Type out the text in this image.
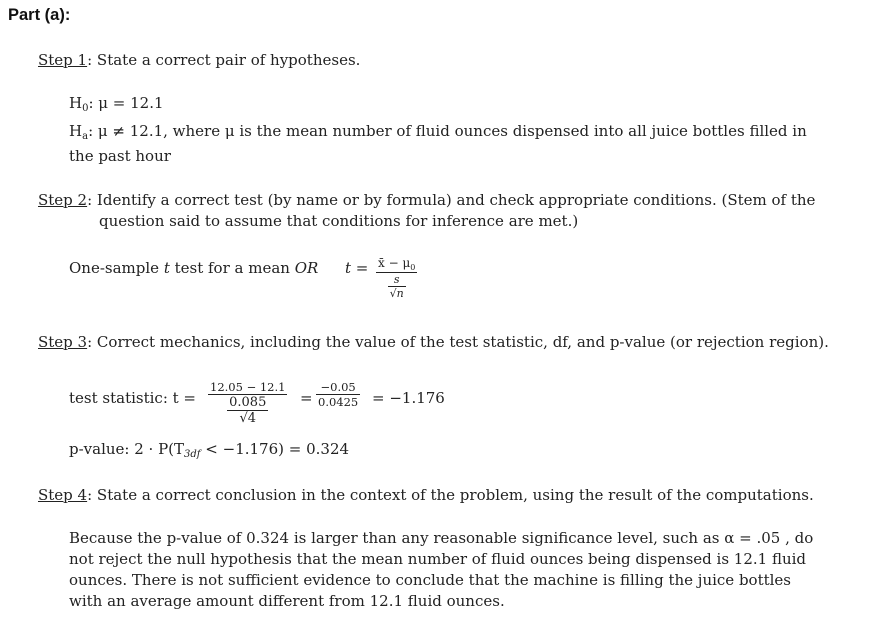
Part (a):
Step 1: State a correct pair of hypotheses.
$H_0$: μ = 12.1
$H_a$: μ ≠ 12.1, where μ is the mean number of fluid ounces dispensed into all juice bottles filled in
the past hour
Step 2: Identify a correct test (by name or by formula) and check appropriate conditions. (Stem of the
question said to assume that conditions for inference are met.)
One-sample t test for a mean OR $t = \frac{x̄ - \mu_0}{\frac{s}{√n}}$
Step 3: Correct mechanics, including the value of the test statistic, df, and p-value (or rejection region).
test statistic: $t = \frac{12.05 - 12.1}{\frac{0.085}{√4}} = \frac{-0.05}{0.0425} = -1.176$
p-value: $2 \cdot P(T_{3df} < -1.176) = 0.324$
Step 4: State a correct conclusion in the context of the problem, using the result of the computations.
Because the p-value of 0.324 is larger than any reasonable significance level, such as α = .05 , do
not reject the null hypothesis that the mean number of fluid ounces being dispensed is 12.1 fluid
ounces. There is not sufficient evidence to conclude that the machine is filling the juice bottles
with an average amount different from 12.1 fluid ounces.
